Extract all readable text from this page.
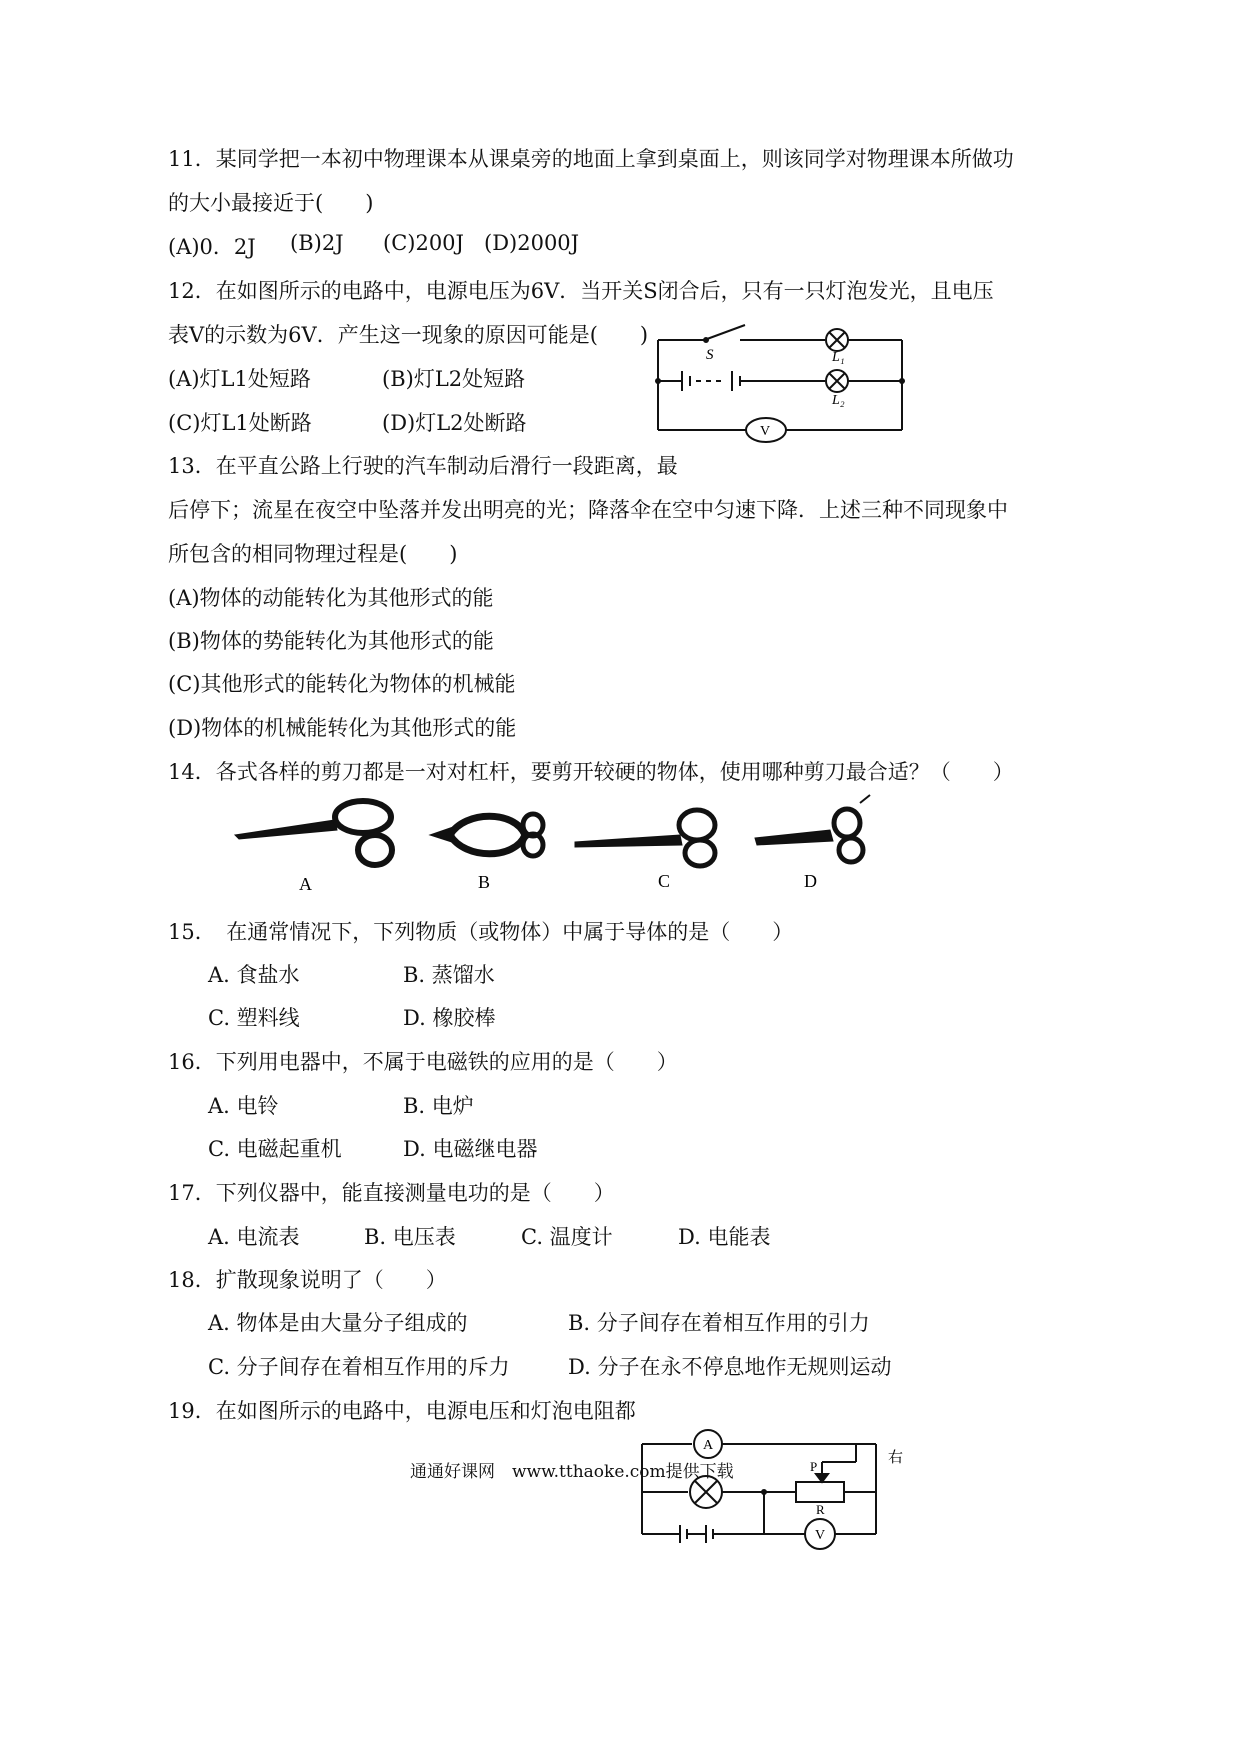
11．某同学把一本初中物理课本从课桌旁的地面上拿到桌面上，则该同学对物理课本所做功
的大小最接近于(　　)
(A)0．2J (B)2J (C)200J (D)2000J
12．在如图所示的电路中，电源电压为6V．当开关S闭合后，只有一只灯泡发光，且电压
表V的示数为6V．产生这一现象的原因可能是(　　)
(A)灯L1处短路	(B)灯L2处短路
(C)灯L1处断路	(D)灯L2处断路
S	L₁
L₂
V
13．在平直公路上行驶的汽车制动后滑行一段距离，最
后停下；流星在夜空中坠落并发出明亮的光；降落伞在空中匀速下降．上述三种不同现象中
所包含的相同物理过程是(　　)
(A)物体的动能转化为其他形式的能
(B)物体的势能转化为其他形式的能
(C)其他形式的能转化为物体的机械能
(D)物体的机械能转化为其他形式的能
14．各式各样的剪刀都是一对对杠杆，要剪开较硬的物体，使用哪种剪刀最合适？（　　）
A	B	C	D
15．　在通常情况下，下列物质（或物体）中属于导体的是（　　）
A. 食盐水	B. 蒸馏水
C. 塑料线	D. 橡胶棒
16．下列用电器中，不属于电磁铁的应用的是（　　）
A. 电铃	B. 电炉
C. 电磁起重机	D. 电磁继电器
17．下列仪器中，能直接测量电功的是（　　）
A. 电流表	B. 电压表	C. 温度计	D. 电能表
18．扩散现象说明了（　　）
A. 物体是由大量分子组成的	B. 分子间存在着相互作用的引力
C. 分子间存在着相互作用的斥力	D. 分子在永不停息地作无规则运动
19．在如图所示的电路中，电源电压和灯泡电阻都
A
V
P
R
右
通通好课网　www.tthaoke.com提供下载
